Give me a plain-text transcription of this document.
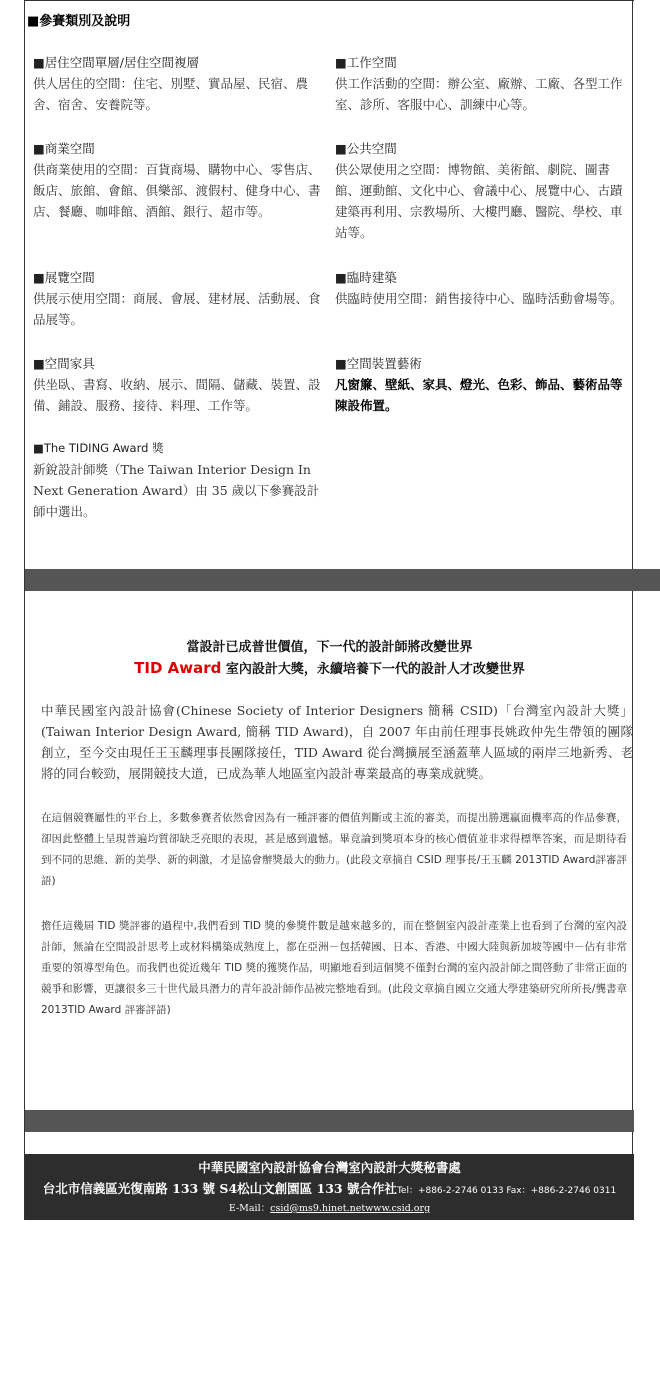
■參賽類別及說明
■居住空間單層/居住空間複層
供人居住的空間：住宅、別墅、實品屋、民宿、農舍、宿舍、安養院等。
■商業空間
供商業使用的空間：百貨商場、購物中心、零售店、飯店、旅館、會館、俱樂部、渡假村、健身中心、書店、餐廳、咖啡館、酒館、銀行、超市等。
■展覽空間
供展示使用空間：商展、會展、建材展、活動展、食品展等。
■空間家具
供坐臥、書寫、收納、展示、間隔、儲藏、裝置、設備、鋪設、服務、接待、料理、工作等。
■The TIDING Award 獎
新銳設計師獎（The Taiwan Interior Design In Next Generation Award）由 35 歲以下參賽設計師中選出。
■工作空間
供工作活動的空間：辦公室、廠辦、工廠、各型工作室、診所、客服中心、訓練中心等。
■公共空間
供公眾使用之空間：博物館、美術館、劇院、圖書館、運動館、文化中心、會議中心、展覽中心、古蹟建築再利用、宗教場所、大樓門廳、醫院、學校、車站等。
■臨時建築
供臨時使用空間：銷售接待中心、臨時活動會場等。
■空間裝置藝術
凡窗簾、壁紙、家具、燈光、色彩、飾品、藝術品等陳設佈置。
當設計已成普世價值，下一代的設計師將改變世界
TID Award 室內設計大獎，永續培養下一代的設計人才改變世界
中華民國室內設計協會(Chinese Society of Interior Designers 簡稱 CSID)「台灣室內設計大獎」(Taiwan Interior Design Award, 簡稱 TID Award)，自 2007 年由前任理事長姚政仲先生帶領的團隊創立，至今交由現任王玉麟理事長團隊接任，TID Award 從台灣擴展至涵蓋華人區域的兩岸三地新秀、老將的同台較勁，展開競技大道，已成為華人地區室內設計專業最高的專業成就獎。
在這個競賽屬性的平台上，多數參賽者依然會因為有一種評審的價值判斷或主流的審美，而提出勝選贏面機率高的作品參賽，卻因此整體上呈現普遍均質卻缺乏亮眼的表現，甚是感到遺憾。畢竟論到獎項本身的核心價值並非求得標準答案，而是期待看到不同的思維、新的美學、新的刺激，才是協會辦獎最大的動力。(此段文章摘自 CSID 理事長/王玉麟 2013TID Award評審評語)
擔任這幾屆 TID 獎評審的過程中,我們看到 TID 獎的參獎件數是越來越多的，而在整個室內設計產業上也看到了台灣的室內設計師，無論在空間設計思考上或材料構築成熟度上，都在亞洲－包括韓國、日本、香港、中國大陸與新加坡等國中－佔有非常重要的領導型角色。而我們也從近幾年 TID 獎的獲獎作品，明顯地看到這個獎不僅對台灣的室內設計師之間啓動了非常正面的競爭和影響，更讓很多三十世代最具潛力的青年設計師作品被完整地看到。(此段文章摘自國立交通大學建築研究所所長/龔書章 2013TID Award 評審評語)
中華民國室內設計協會台灣室內設計大獎秘書處
台北市信義區光復南路 133 號 S4松山文創園區 133 號合作社Tel：+886-2-2746 0133 Fax：+886-2-2746 0311
E-Mail：csid@ms9.hinet.netwww.csid.org
